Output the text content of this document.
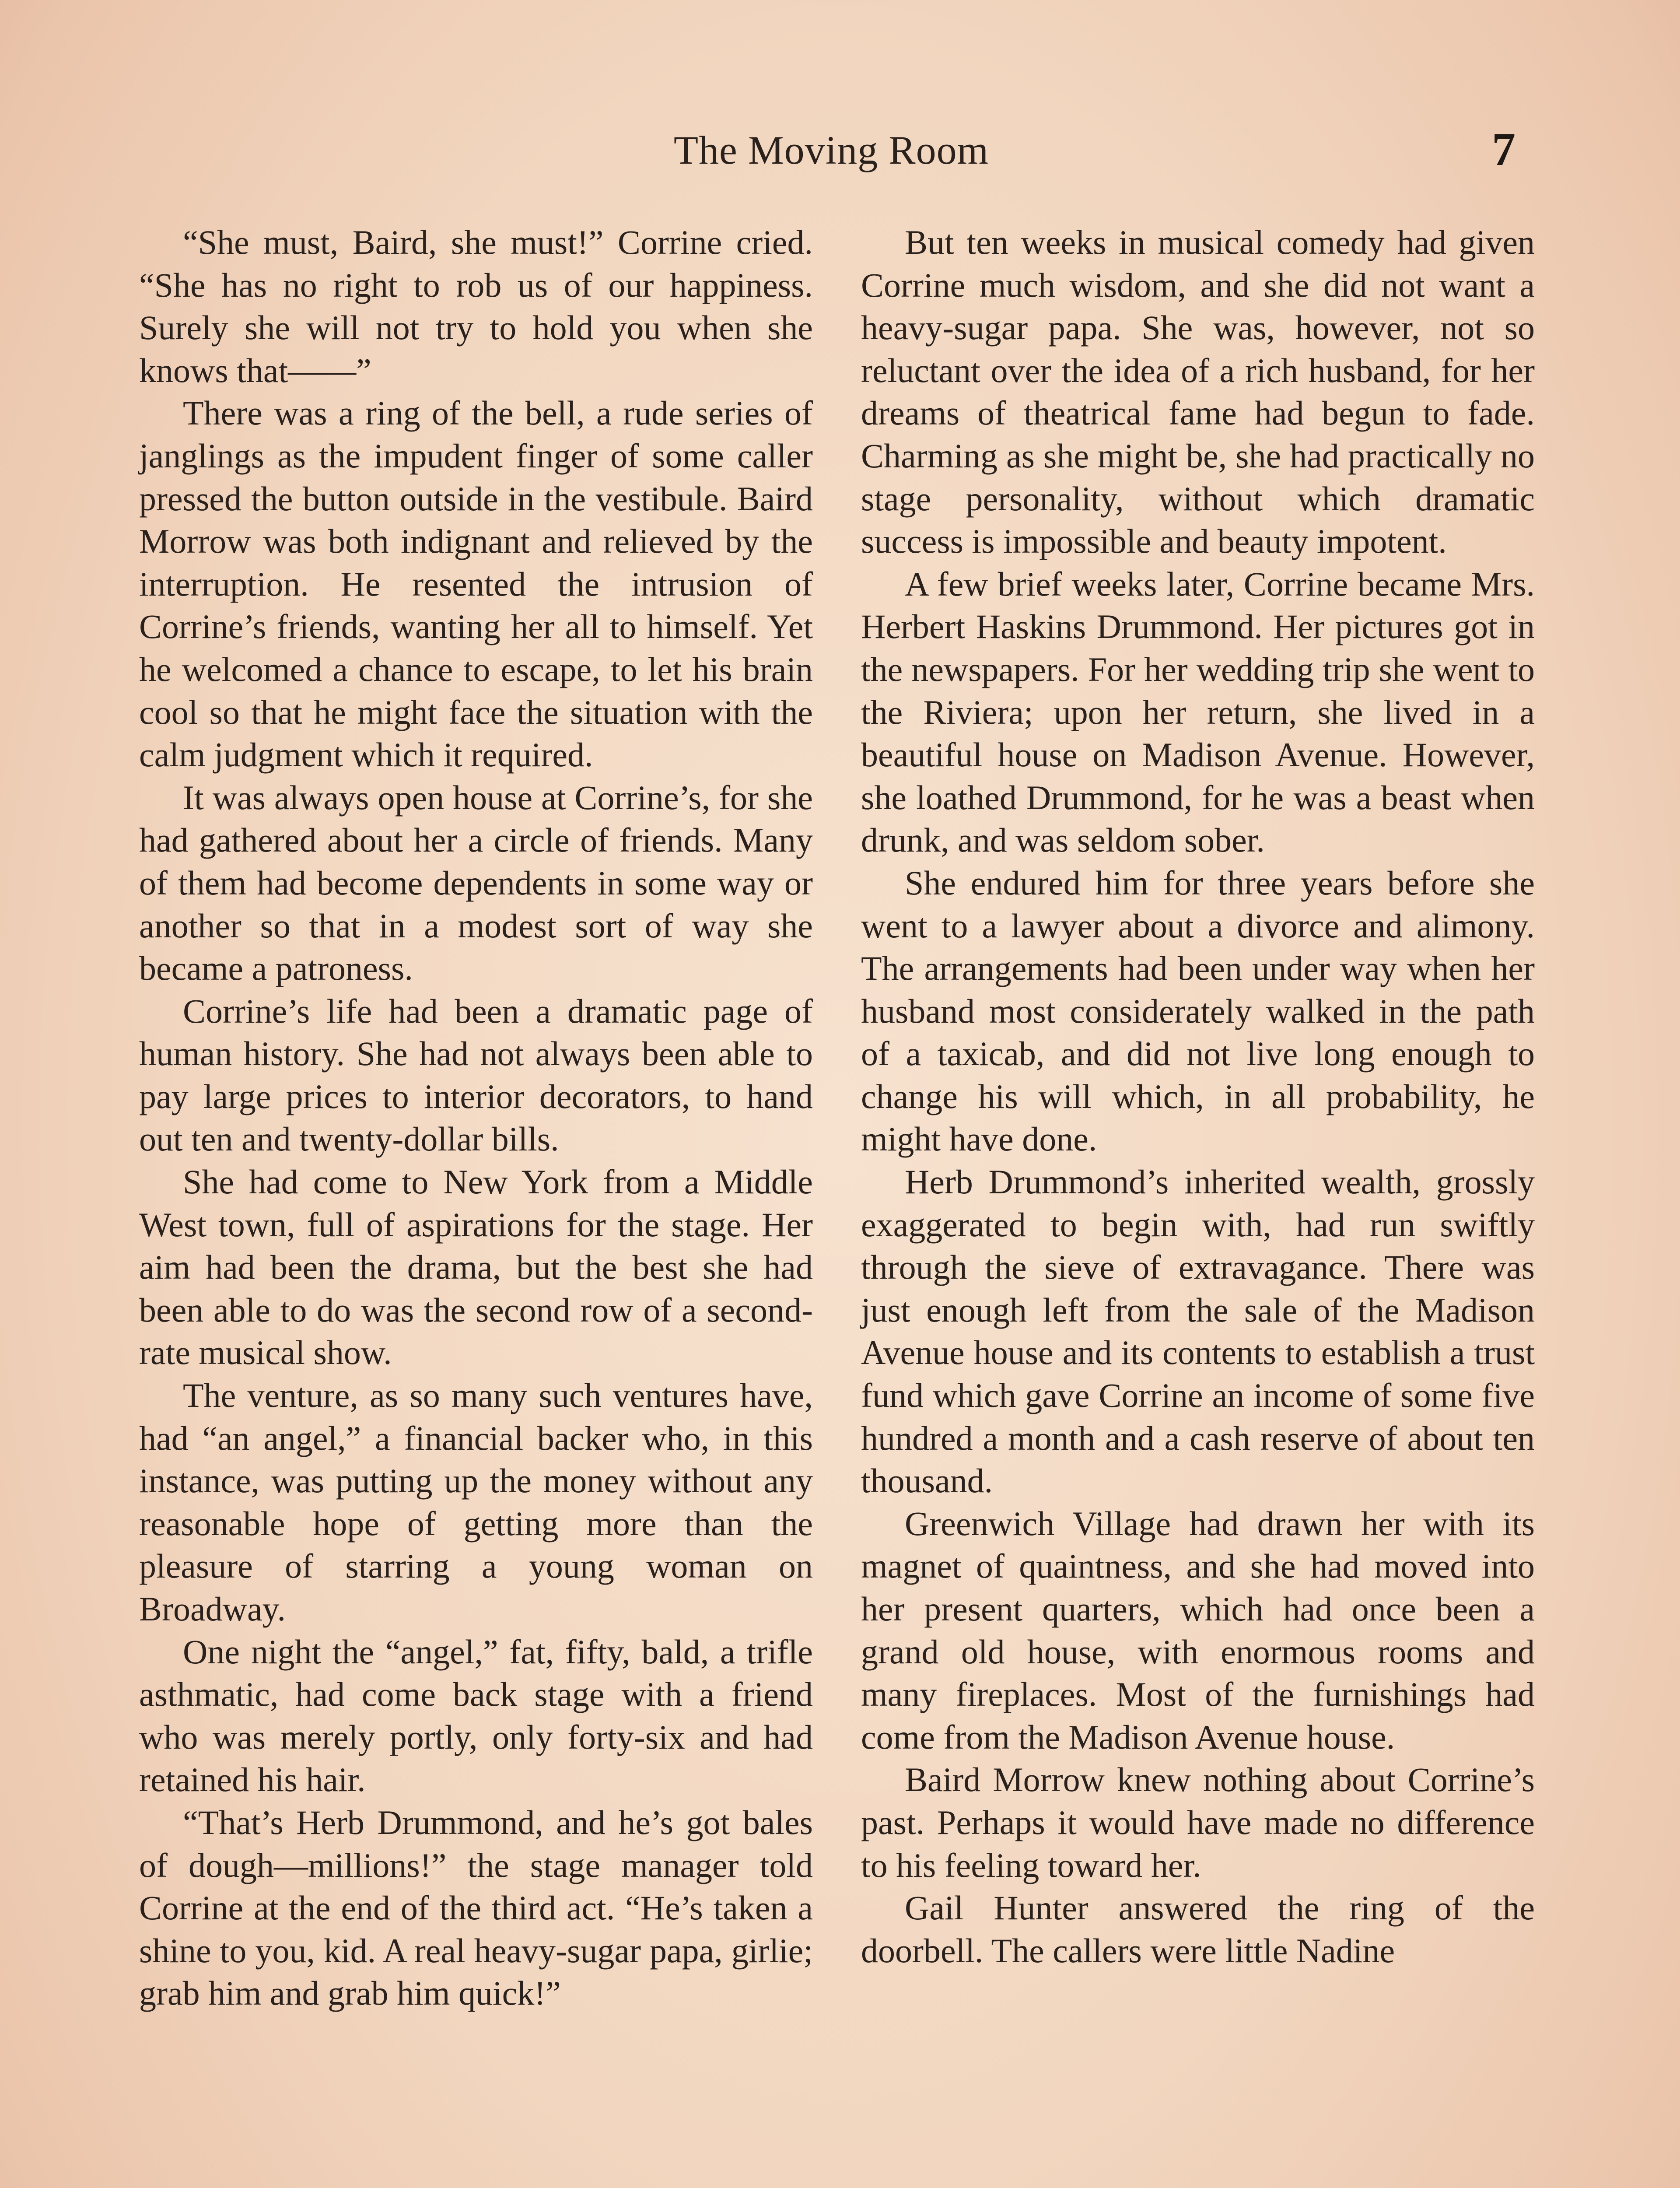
The Moving Room	7

“She must, Baird, she must!” Corrine cried. “She has no right to rob us of our happiness. Surely she will not try to hold you when she knows that——”

There was a ring of the bell, a rude series of janglings as the impudent finger of some caller pressed the button outside in the vestibule. Baird Morrow was both indignant and relieved by the interruption. He resented the intrusion of Corrine’s friends, wanting her all to himself. Yet he welcomed a chance to escape, to let his brain cool so that he might face the situation with the calm judgment which it required.

It was always open house at Corrine’s, for she had gathered about her a circle of friends. Many of them had become dependents in some way or another so that in a modest sort of way she became a patroness.

Corrine’s life had been a dramatic page of human history. She had not always been able to pay large prices to interior decorators, to hand out ten and twenty-dollar bills.

She had come to New York from a Middle West town, full of aspirations for the stage. Her aim had been the drama, but the best she had been able to do was the second row of a second-rate musical show.

The venture, as so many such ventures have, had “an angel,” a financial backer who, in this instance, was putting up the money without any reasonable hope of getting more than the pleasure of starring a young woman on Broadway.

One night the “angel,” fat, fifty, bald, a trifle asthmatic, had come back stage with a friend who was merely portly, only forty-six and had retained his hair.

“That’s Herb Drummond, and he’s got bales of dough—millions!” the stage manager told Corrine at the end of the third act. “He’s taken a shine to you, kid. A real heavy-sugar papa, girlie; grab him and grab him quick!”

But ten weeks in musical comedy had given Corrine much wisdom, and she did not want a heavy-sugar papa. She was, however, not so reluctant over the idea of a rich husband, for her dreams of theatrical fame had begun to fade. Charming as she might be, she had practically no stage personality, without which dramatic success is impossible and beauty impotent.

A few brief weeks later, Corrine became Mrs. Herbert Haskins Drummond. Her pictures got in the newspapers. For her wedding trip she went to the Riviera; upon her return, she lived in a beautiful house on Madison Avenue. However, she loathed Drummond, for he was a beast when drunk, and was seldom sober.

She endured him for three years before she went to a lawyer about a divorce and alimony. The arrangements had been under way when her husband most considerately walked in the path of a taxicab, and did not live long enough to change his will which, in all probability, he might have done.

Herb Drummond’s inherited wealth, grossly exaggerated to begin with, had run swiftly through the sieve of extravagance. There was just enough left from the sale of the Madison Avenue house and its contents to establish a trust fund which gave Corrine an income of some five hundred a month and a cash reserve of about ten thousand.

Greenwich Village had drawn her with its magnet of quaintness, and she had moved into her present quarters, which had once been a grand old house, with enormous rooms and many fireplaces. Most of the furnishings had come from the Madison Avenue house.

Baird Morrow knew nothing about Corrine’s past. Perhaps it would have made no difference to his feeling toward her.

Gail Hunter answered the ring of the doorbell. The callers were little Nadine
